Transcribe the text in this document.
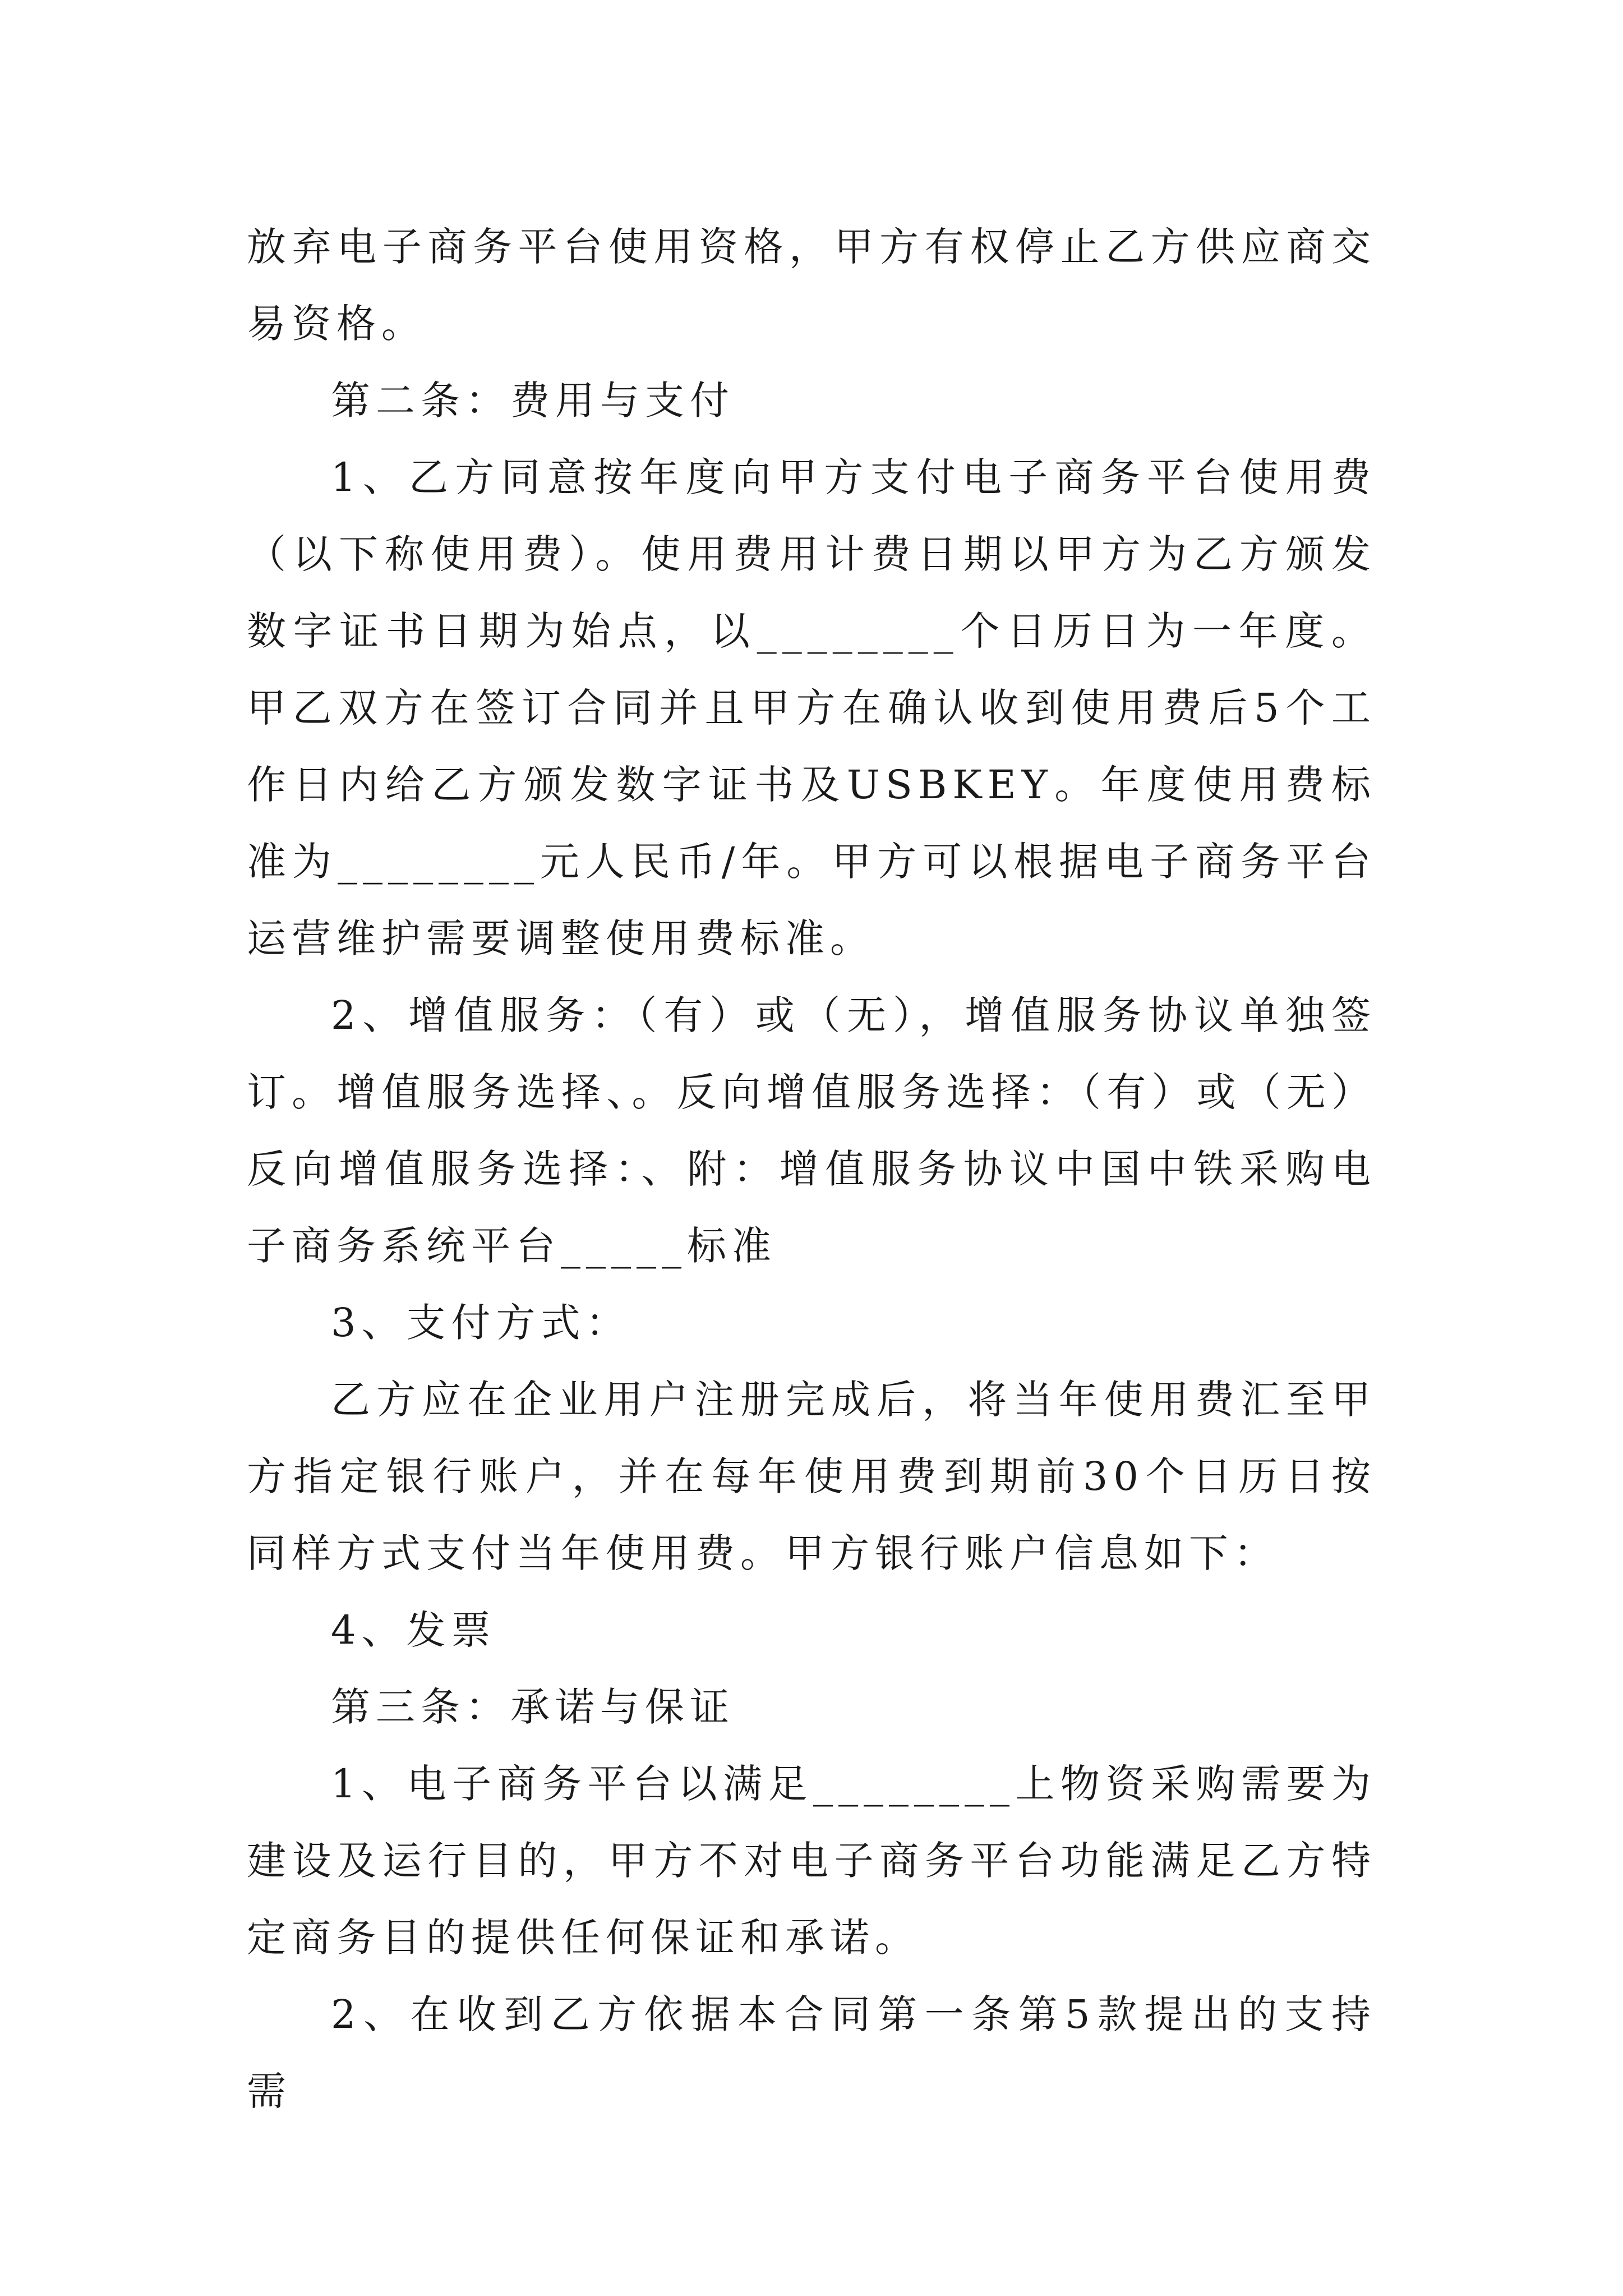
放弃电子商务平台使用资格，甲方有权停止乙方供应商交易资格。

第二条：费用与支付

1、乙方同意按年度向甲方支付电子商务平台使用费（以下称使用费）。使用费用计费日期以甲方为乙方颁发数字证书日期为始点，以________个日历日为一年度。甲乙双方在签订合同并且甲方在确认收到使用费后5个工作日内给乙方颁发数字证书及USBKEY。年度使用费标准为________元人民币/年。甲方可以根据电子商务平台运营维护需要调整使用费标准。

2、增值服务：（有）或（无），增值服务协议单独签订。增值服务选择、。反向增值服务选择：（有）或（无）反向增值服务选择：、附：增值服务协议中国中铁采购电子商务系统平台_____标准

3、支付方式：

乙方应在企业用户注册完成后，将当年使用费汇至甲方指定银行账户，并在每年使用费到期前30个日历日按同样方式支付当年使用费。甲方银行账户信息如下：

4、发票

第三条：承诺与保证

1、电子商务平台以满足________上物资采购需要为建设及运行目的，甲方不对电子商务平台功能满足乙方特定商务目的提供任何保证和承诺。

2、在收到乙方依据本合同第一条第5款提出的支持需
